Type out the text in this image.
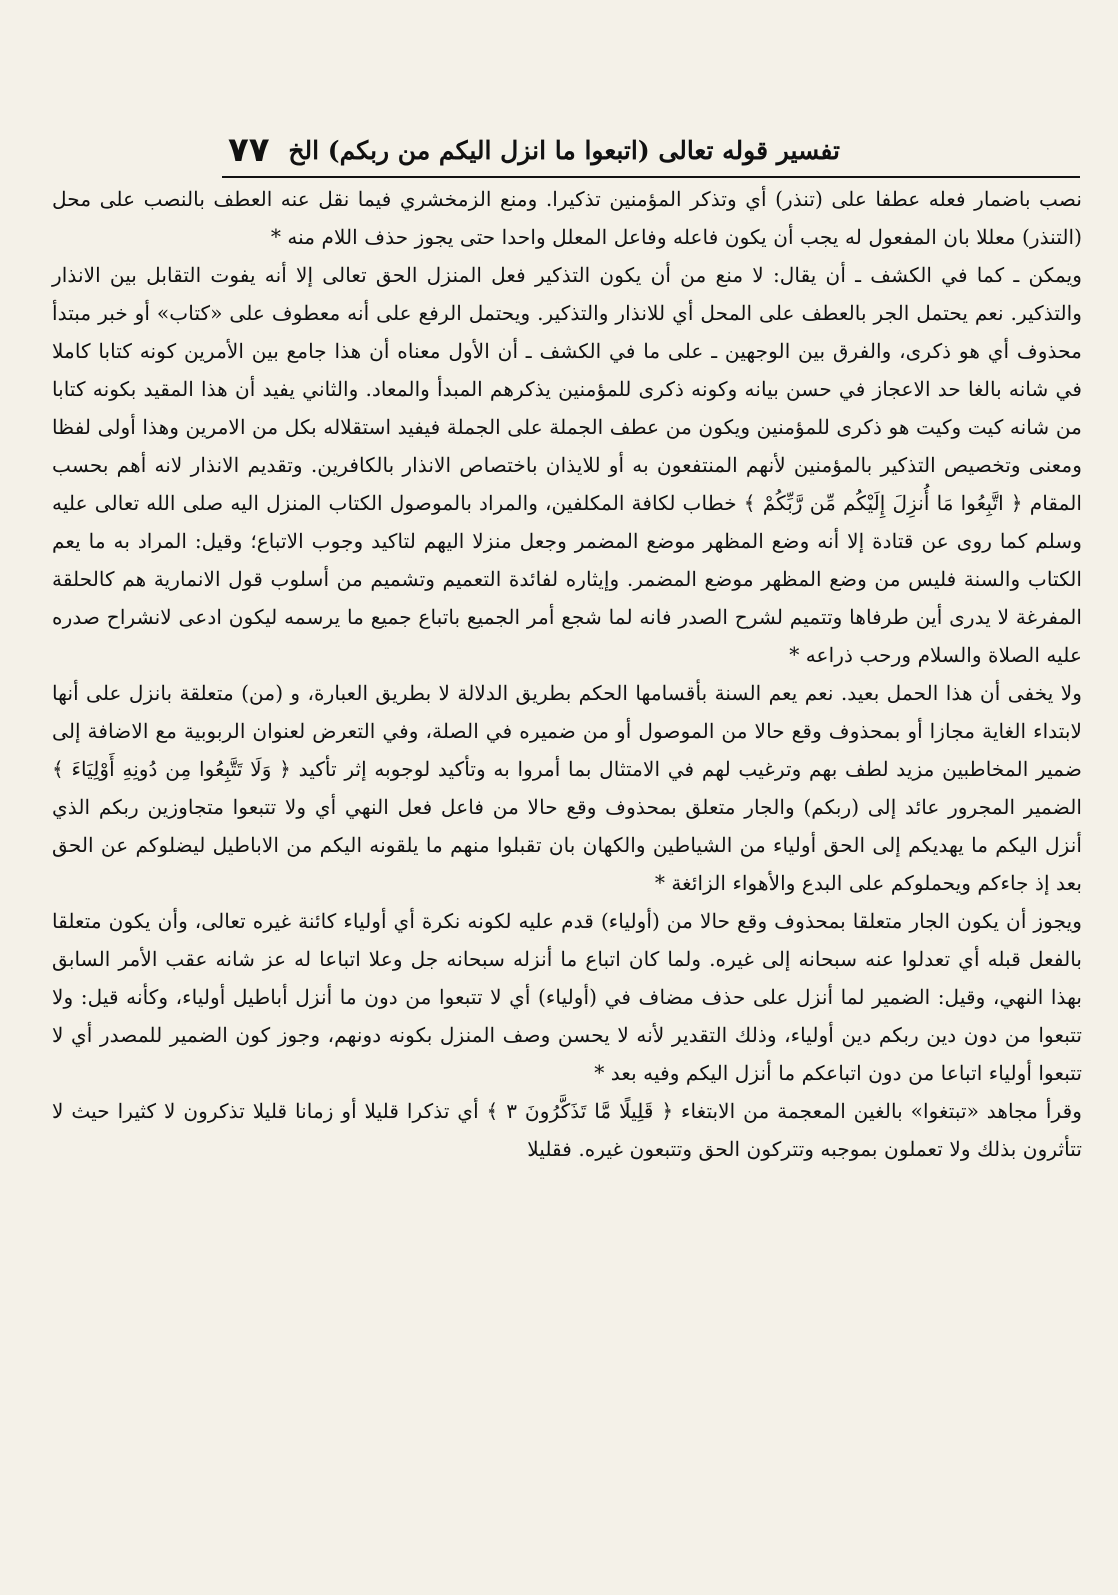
٧٧ تفسير قوله تعالى (اتبعوا ما انزل اليكم من ربكم) الخ

نصب باضمار فعله عطفا على (تنذر) أي وتذكر المؤمنين تذكيرا. ومنع الزمخشري فيما نقل عنه العطف بالنصب على محل (التنذر) معللا بان المفعول له يجب أن يكون فاعله وفاعل المعلل واحدا حتى يجوز حذف اللام منه *

ويمكن ـ كما في الكشف ـ أن يقال: لا منع من أن يكون التذكير فعل المنزل الحق تعالى إلا أنه يفوت التقابل بين الانذار والتذكير. نعم يحتمل الجر بالعطف على المحل أي للانذار والتذكير. ويحتمل الرفع على أنه معطوف على «كتاب» أو خبر مبتدأ محذوف أي هو ذكرى، والفرق بين الوجهين ـ على ما في الكشف ـ أن الأول معناه أن هذا جامع بين الأمرين كونه كتابا كاملا في شانه بالغا حد الاعجاز في حسن بيانه وكونه ذكرى للمؤمنين يذكرهم المبدأ والمعاد. والثاني يفيد أن هذا المقيد بكونه كتابا من شانه كيت وكيت هو ذكرى للمؤمنين ويكون من عطف الجملة على الجملة فيفيد استقلاله بكل من الامرين وهذا أولى لفظا ومعنى وتخصيص التذكير بالمؤمنين لأنهم المنتفعون به أو للايذان باختصاص الانذار بالكافرين. وتقديم الانذار لانه أهم بحسب المقام ﴿ اتَّبِعُوا مَا أُنزِلَ إِلَيْكُم مِّن رَّبِّكُمْ ﴾ خطاب لكافة المكلفين، والمراد بالموصول الكتاب المنزل اليه صلى الله تعالى عليه وسلم كما روى عن قتادة إلا أنه وضع المظهر موضع المضمر وجعل منزلا اليهم لتاكيد وجوب الاتباع؛ وقيل: المراد به ما يعم الكتاب والسنة فليس من وضع المظهر موضع المضمر. وإيثاره لفائدة التعميم وتشميم من أسلوب قول الانمارية هم كالحلقة المفرغة لا يدرى أين طرفاها وتتميم لشرح الصدر فانه لما شجع أمر الجميع باتباع جميع ما يرسمه ليكون ادعى لانشراح صدره عليه الصلاة والسلام ورحب ذراعه *

ولا يخفى أن هذا الحمل بعيد. نعم يعم السنة بأقسامها الحكم بطريق الدلالة لا بطريق العبارة، و (من) متعلقة بانزل على أنها لابتداء الغاية مجازا أو بمحذوف وقع حالا من الموصول أو من ضميره في الصلة، وفي التعرض لعنوان الربوبية مع الاضافة إلى ضمير المخاطبين مزيد لطف بهم وترغيب لهم في الامتثال بما أمروا به وتأكيد لوجوبه إثر تأكيد ﴿ وَلَا تَتَّبِعُوا مِن دُونِهِ أَوْلِيَاءَ ﴾ الضمير المجرور عائد إلى (ربكم) والجار متعلق بمحذوف وقع حالا من فاعل فعل النهي أي ولا تتبعوا متجاوزين ربكم الذي أنزل اليكم ما يهديكم إلى الحق أولياء من الشياطين والكهان بان تقبلوا منهم ما يلقونه اليكم من الاباطيل ليضلوكم عن الحق بعد إذ جاءكم ويحملوكم على البدع والأهواء الزائغة *

ويجوز أن يكون الجار متعلقا بمحذوف وقع حالا من (أولياء) قدم عليه لكونه نكرة أي أولياء كائنة غيره تعالى، وأن يكون متعلقا بالفعل قبله أي تعدلوا عنه سبحانه إلى غيره. ولما كان اتباع ما أنزله سبحانه جل وعلا اتباعا له عز شانه عقب الأمر السابق بهذا النهي، وقيل: الضمير لما أنزل على حذف مضاف في (أولياء) أي لا تتبعوا من دون ما أنزل أباطيل أولياء، وكأنه قيل: ولا تتبعوا من دون دين ربكم دين أولياء، وذلك التقدير لأنه لا يحسن وصف المنزل بكونه دونهم، وجوز كون الضمير للمصدر أي لا تتبعوا أولياء اتباعا من دون اتباعكم ما أنزل اليكم وفيه بعد *

وقرأ مجاهد «تبتغوا» بالغين المعجمة من الابتغاء ﴿ قَلِيلًا مَّا تَذَكَّرُونَ ٣ ﴾ أي تذكرا قليلا أو زمانا قليلا تذكرون لا كثيرا حيث لا تتأثرون بذلك ولا تعملون بموجبه وتتركون الحق وتتبعون غيره. فقليلا
